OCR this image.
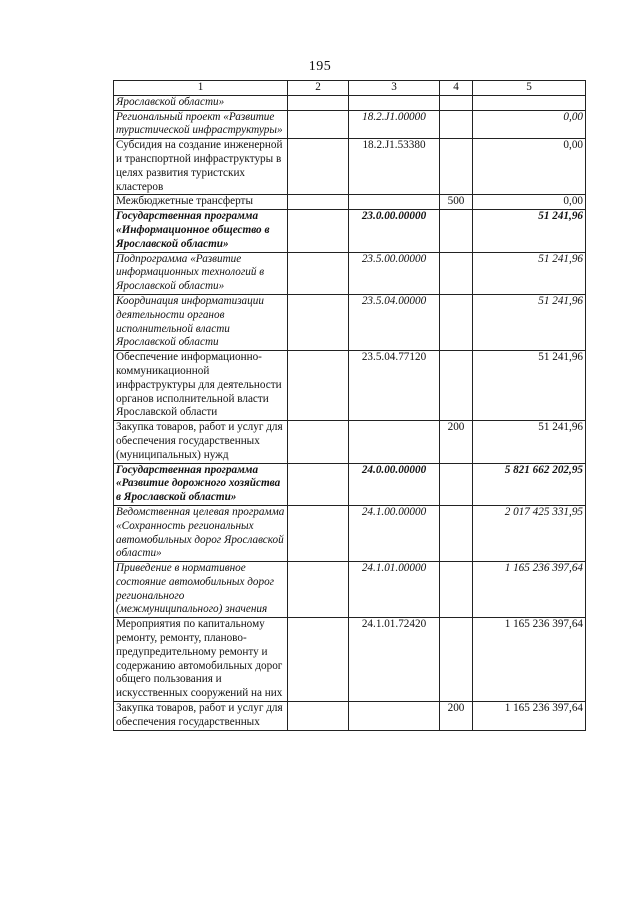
195
1	2	3	4	5
Ярославской области»				
Региональный проект «Развитие туристической инфраструктуры»		18.2.J1.00000		0,00
Субсидия на создание инженерной и транспортной инфраструктуры в целях развития туристских кластеров		18.2.J1.53380		0,00
Межбюджетные трансферты			500	0,00
Государственная программа «Информационное общество в Ярославской области»		23.0.00.00000		51 241,96
Подпрограмма «Развитие информационных технологий в Ярославской области»		23.5.00.00000		51 241,96
Координация информатизации деятельности органов исполнительной власти Ярославской области		23.5.04.00000		51 241,96
Обеспечение информационно-коммуникационной инфраструктуры для деятельности органов исполнительной власти Ярославской области		23.5.04.77120		51 241,96
Закупка товаров, работ и услуг для обеспечения государственных (муниципальных) нужд			200	51 241,96
Государственная программа «Развитие дорожного хозяйства в Ярославской области»		24.0.00.00000		5 821 662 202,95
Ведомственная целевая программа «Сохранность региональных автомобильных дорог Ярославской области»		24.1.00.00000		2 017 425 331,95
Приведение в нормативное состояние автомобильных дорог регионального (межмуниципального) значения		24.1.01.00000		1 165 236 397,64
Мероприятия по капитальному ремонту, ремонту, планово-предупредительному ремонту и содержанию автомобильных дорог общего пользования и искусственных сооружений на них		24.1.01.72420		1 165 236 397,64
Закупка товаров, работ и услуг для обеспечения государственных			200	1 165 236 397,64
